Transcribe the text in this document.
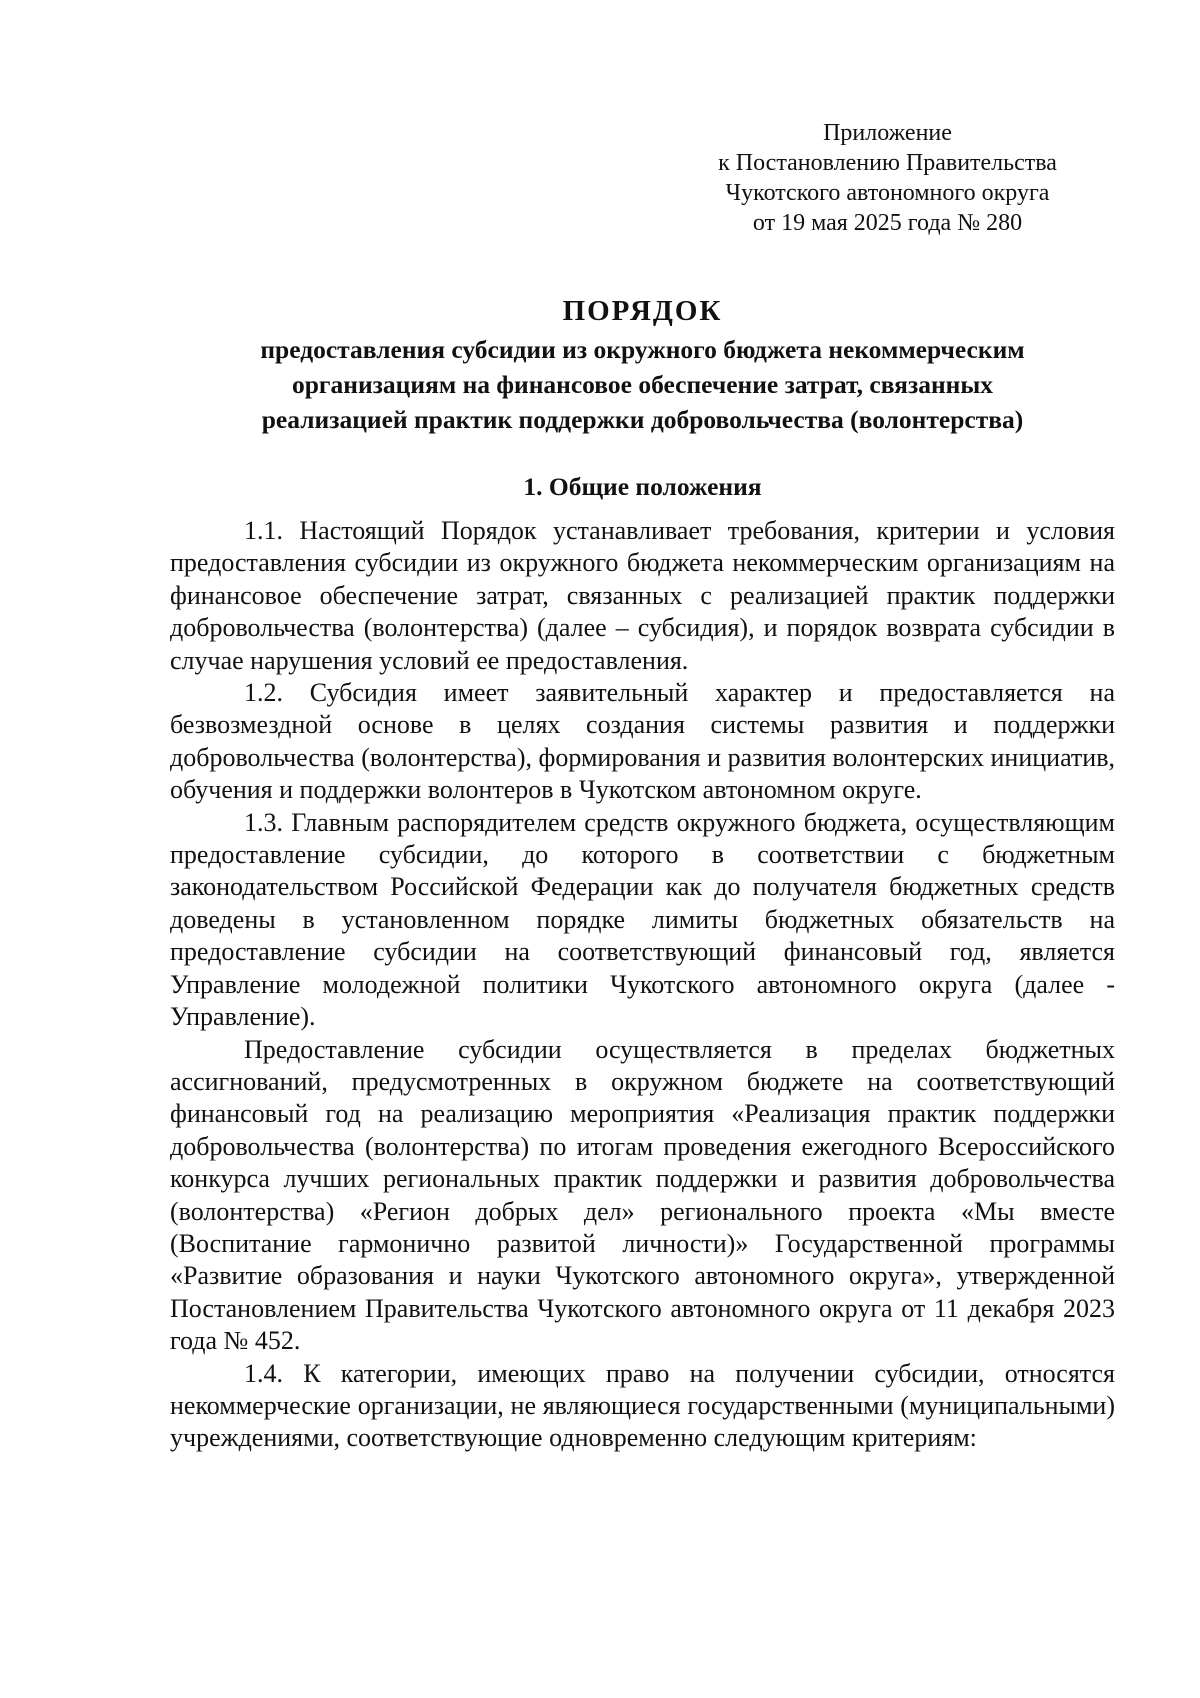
Приложение
к Постановлению Правительства
Чукотского автономного округа
от 19 мая 2025 года № 280
ПОРЯДОК
предоставления субсидии из окружного бюджета некоммерческим
организациям на финансовое обеспечение затрат, связанных
реализацией практик поддержки добровольчества (волонтерства)
1. Общие положения

1.1. Настоящий Порядок устанавливает требования, критерии и условия предоставления субсидии из окружного бюджета некоммерческим организациям на финансовое обеспечение затрат, связанных с реализацией практик поддержки добровольчества (волонтерства) (далее – субсидия), и порядок возврата субсидии в случае нарушения условий ее предоставления.

1.2. Субсидия имеет заявительный характер и предоставляется на безвозмездной основе в целях создания системы развития и поддержки добровольчества (волонтерства), формирования и развития волонтерских инициатив, обучения и поддержки волонтеров в Чукотском автономном округе.

1.3. Главным распорядителем средств окружного бюджета, осуществляющим предоставление субсидии, до которого в соответствии с бюджетным законодательством Российской Федерации как до получателя бюджетных средств доведены в установленном порядке лимиты бюджетных обязательств на предоставление субсидии на соответствующий финансовый год, является Управление молодежной политики Чукотского автономного округа (далее - Управление).

Предоставление субсидии осуществляется в пределах бюджетных ассигнований, предусмотренных в окружном бюджете на соответствующий финансовый год на реализацию мероприятия «Реализация практик поддержки добровольчества (волонтерства) по итогам проведения ежегодного Всероссийского конкурса лучших региональных практик поддержки и развития добровольчества (волонтерства) «Регион добрых дел» регионального проекта «Мы вместе (Воспитание гармонично развитой личности)» Государственной программы «Развитие образования и науки Чукотского автономного округа», утвержденной Постановлением Правительства Чукотского автономного округа от 11 декабря 2023 года № 452.

1.4. К категории, имеющих право на получении субсидии, относятся некоммерческие организации, не являющиеся государственными (муниципальными) учреждениями, соответствующие одновременно следующим критериям:
